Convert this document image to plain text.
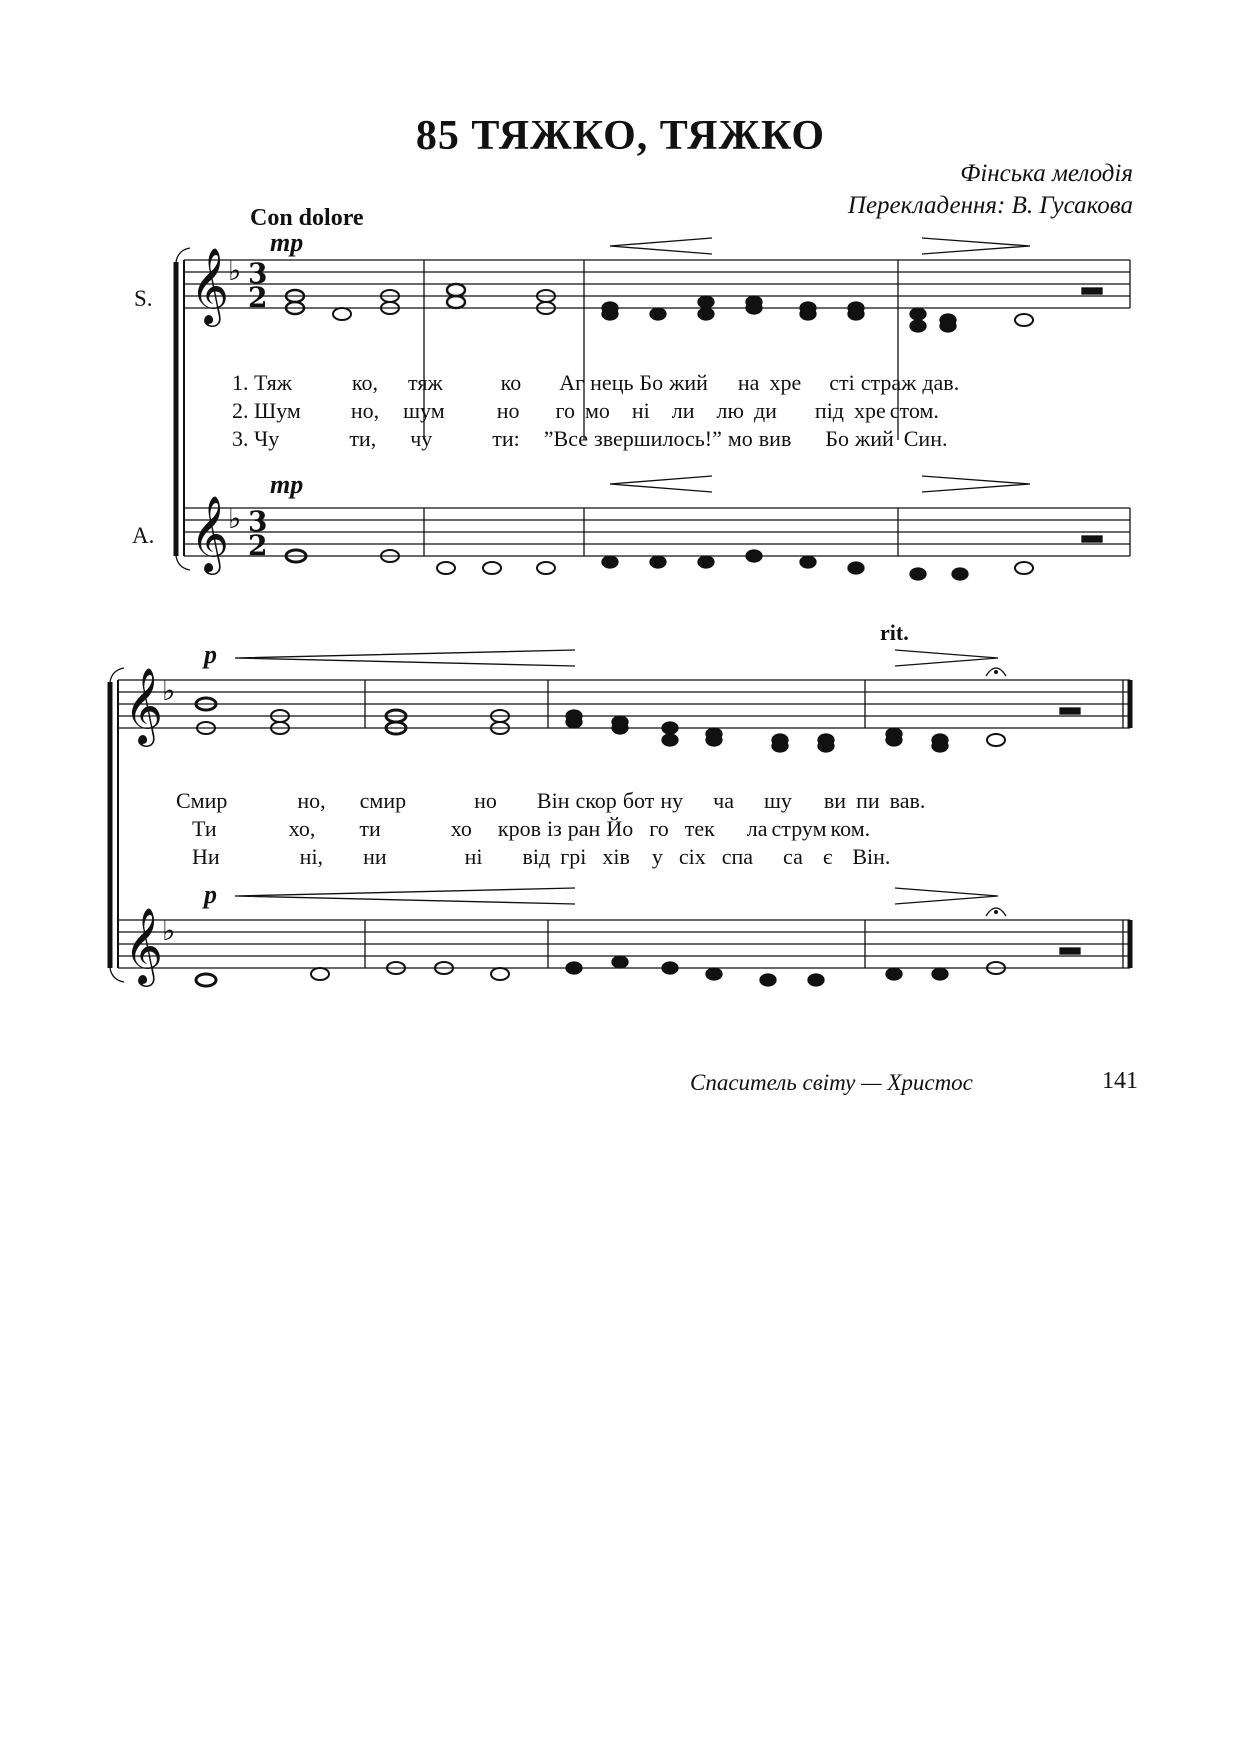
85 ТЯЖКО, ТЯЖКО
Фінська мелодія
Перекладення: В. Гусакова
Con dolore
S.
A.
mp
mp
p
p
rit.
𝄞
𝄞
𝄞
𝄞
♭
♭
♭
♭
3
2
3
2
1. Тяж	ко, тяж	ко Аг нець Бо жий на хре сті страж дав.
2. Шум но, шум но го мо ні ли лю ди під хре стом.
3. Чу	ти, чу	ти: ”Все звершилось!” мо вив Бо жий Син.
Смир	но, смир	но Він скор бот ну ча шу ви пи вав.
Ти	хо, ти	хо кров із ран Йо го тек ла струм ком.
Ни	ні, ни	ні від грі хів у сіх спа са є Він.
Спаситель світу — Христос	141
